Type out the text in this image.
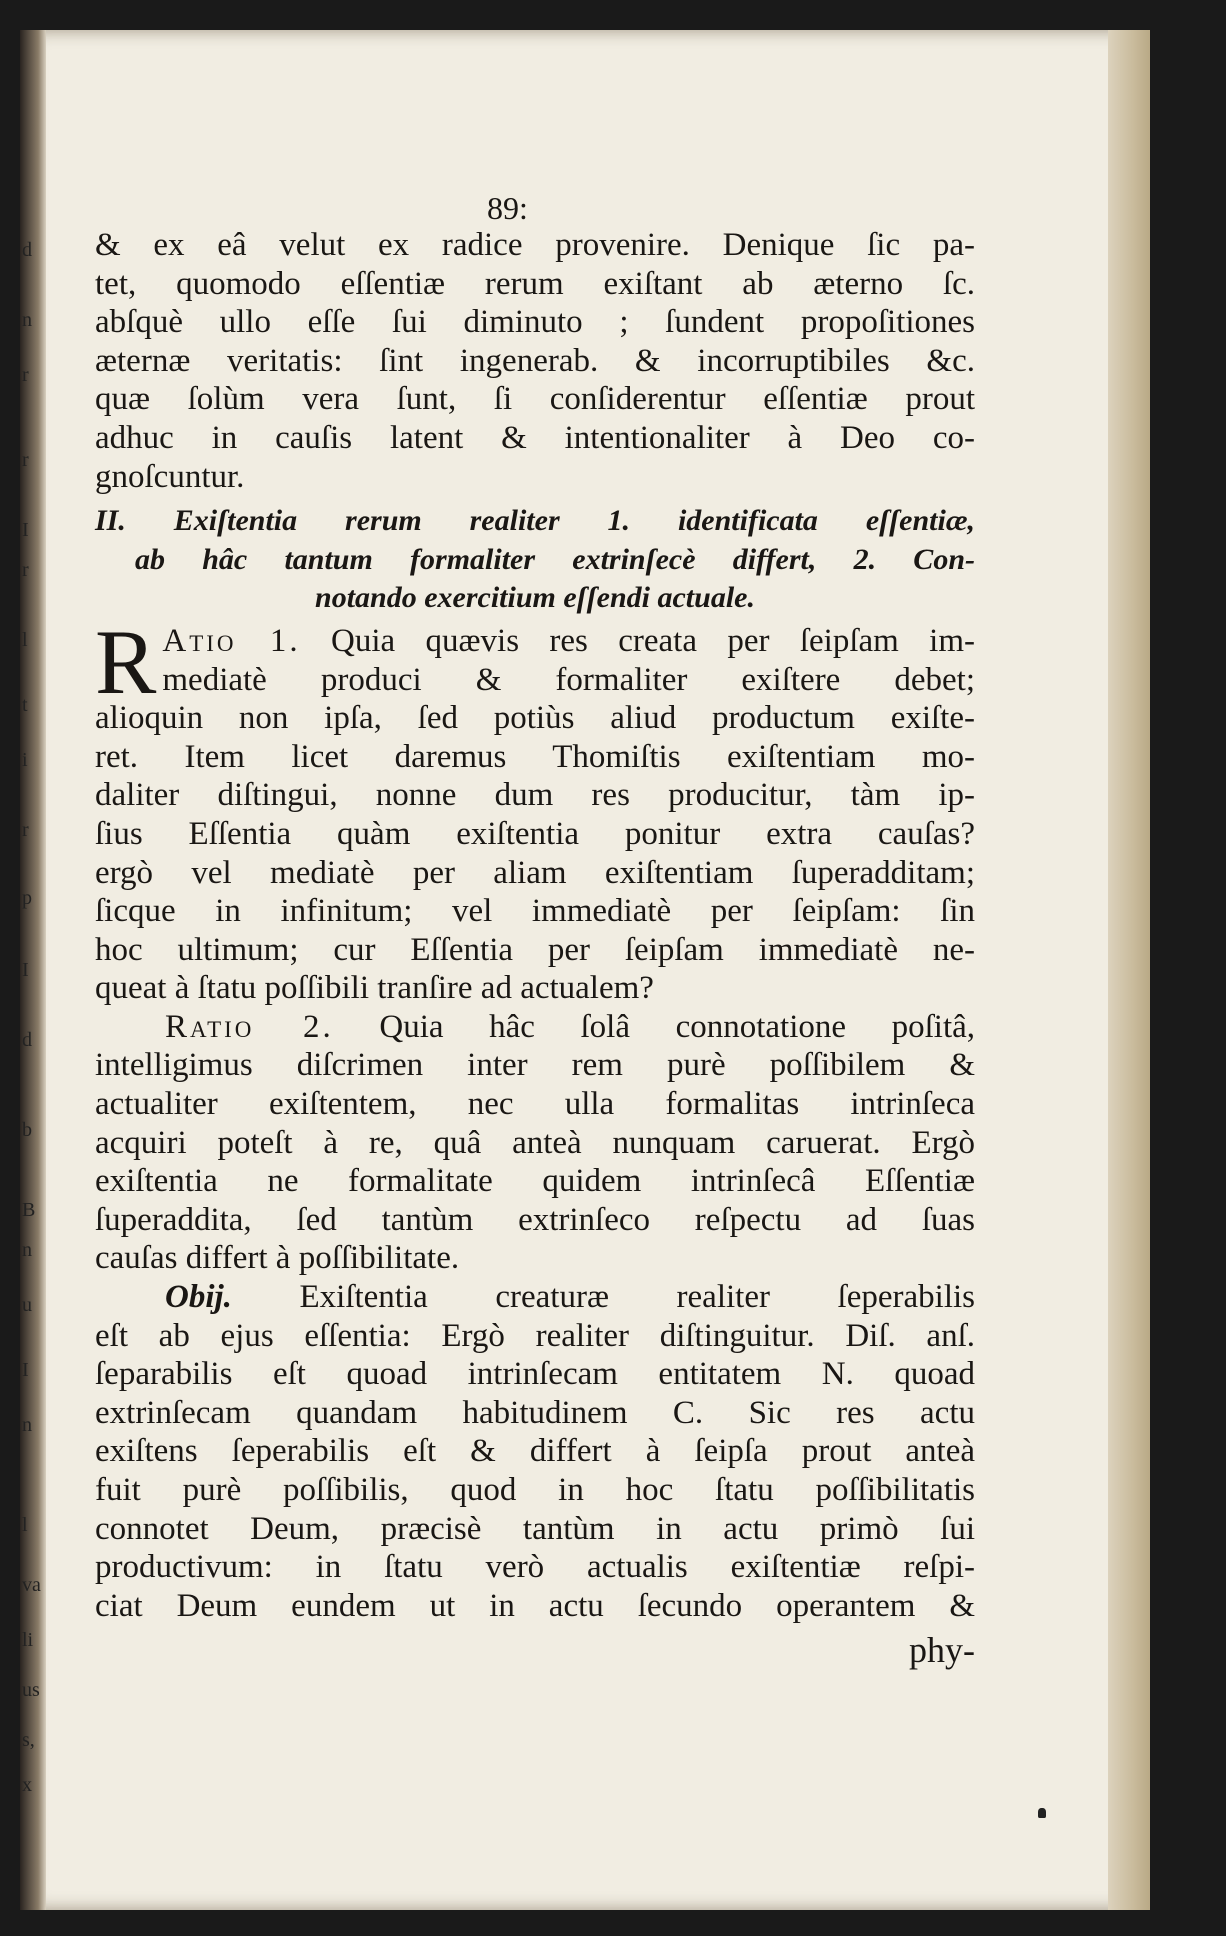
d
n
r
r
I
r
l
t
i
r
p
I
d
b
B
n
u
I
n
l
va
li
us
s,
x
89:

& ex eâ velut ex radice provenire. Denique ſic pa-
tet, quomodo eſſentiæ rerum exiſtant ab æterno ſc.
abſquè ullo eſſe ſui diminuto ; ſundent propoſitiones
æternæ veritatis: ſint ingenerab. & incorruptibiles &c.
quæ ſolùm vera ſunt, ſi conſiderentur eſſentiæ prout
adhuc in cauſis latent & intentionaliter à Deo co-
gnoſcuntur.

II. Exiſtentia rerum realiter 1. identificata eſſentiæ,
ab hâc tantum formaliter extrinſecè differt, 2. Con-
notando exercitium eſſendi actuale.

R Atio 1. Quia quævis res creata per ſeipſam im-
mediatè produci & formaliter exiſtere debet;
alioquin non ipſa, ſed potiùs aliud productum exiſte-
ret. Item licet daremus Thomiſtis exiſtentiam mo-
daliter diſtingui, nonne dum res producitur, tàm ip-
ſius Eſſentia quàm exiſtentia ponitur extra cauſas?
ergò vel mediatè per aliam exiſtentiam ſuperadditam;
ſicque in infinitum; vel immediatè per ſeipſam: ſin
hoc ultimum; cur Eſſentia per ſeipſam immediatè ne-
queat à ſtatu poſſibili tranſire ad actualem?

Ratio 2. Quia hâc ſolâ connotatione poſitâ,
intelligimus diſcrimen inter rem purè poſſibilem &
actualiter exiſtentem, nec ulla formalitas intrinſeca
acquiri poteſt à re, quâ anteà nunquam caruerat. Ergò
exiſtentia ne formalitate quidem intrinſecâ Eſſentiæ
ſuperaddita, ſed tantùm extrinſeco reſpectu ad ſuas
cauſas differt à poſſibilitate.

Obij. Exiſtentia creaturæ realiter ſeperabilis
eſt ab ejus eſſentia: Ergò realiter diſtinguitur. Diſ. anſ.
ſeparabilis eſt quoad intrinſecam entitatem N. quoad
extrinſecam quandam habitudinem C. Sic res actu
exiſtens ſeperabilis eſt & differt à ſeipſa prout anteà
fuit purè poſſibilis, quod in hoc ſtatu poſſibilitatis
connotet Deum, præcisè tantùm in actu primò ſui
productivum: in ſtatu verò actualis exiſtentiæ reſpi-
ciat Deum eundem ut in actu ſecundo operantem &

phy-
